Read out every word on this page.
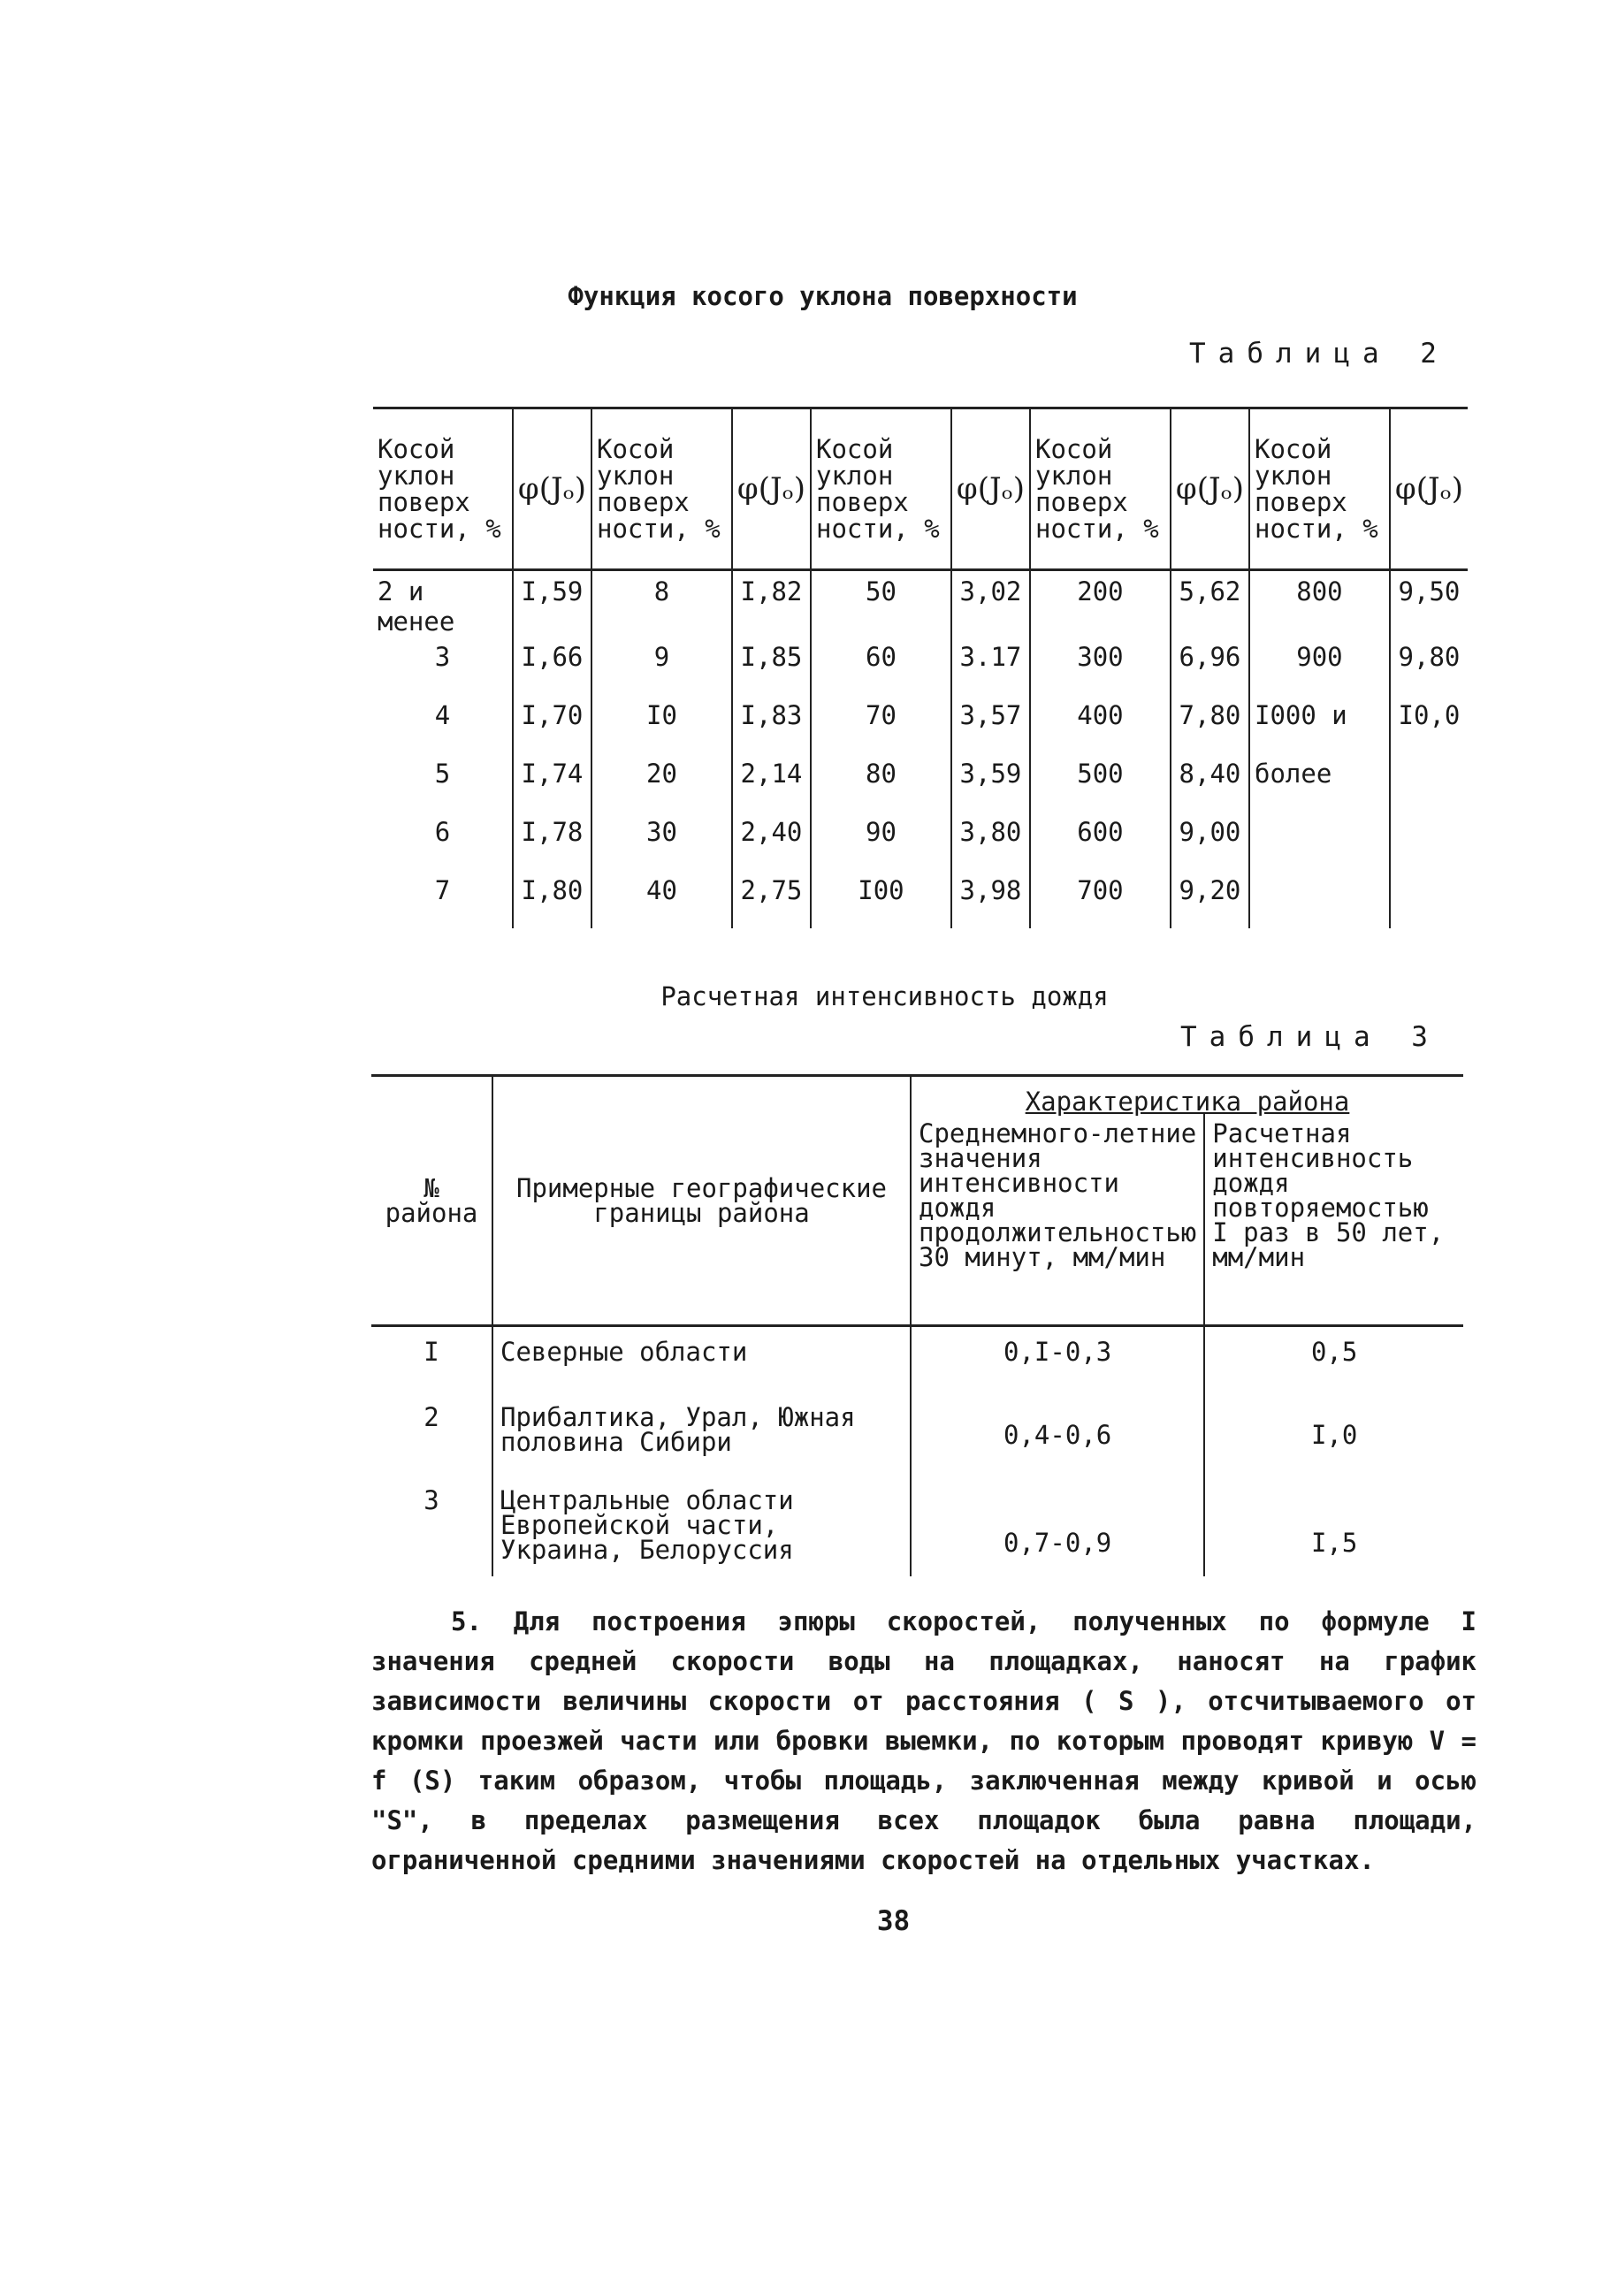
Функция косого уклона поверхности
Таблица 2
Косой уклон поверх ности, %	φ(Jₒ)	Косой уклон поверх ности, %	φ(Jₒ)	Косой уклон поверх ности, %	φ(Jₒ)	Косой уклон поверх ности, %	φ(Jₒ)	Косой уклон поверх ности, %	φ(Jₒ)
2 и менее	I,59	8	I,82	50	3,02	200	5,62	800	9,50
3	I,66	9	I,85	60	3.17	300	6,96	900	9,80
4	I,70	I0	I,83	70	3,57	400	7,80	I000 и	I0,0
5	I,74	20	2,14	80	3,59	500	8,40	более	
6	I,78	30	2,40	90	3,80	600	9,00		
7	I,80	40	2,75	I00	3,98	700	9,20		
Расчетная интенсивность дождя
Таблица 3
№ района	Примерные географические границы района	Характеристика района	
		Среднемного-летние значения интенсивности дождя продолжительностью 30 минут, мм/мин	Расчетная интенсивность дождя повторяемостью I раз в 50 лет, мм/мин
I	Северные области	0,I-0,3	0,5
2	Прибалтика, Урал, Южная половина Сибири	0,4-0,6	I,0
3	Центральные области Европейской части, Украина, Белоруссия	0,7-0,9	I,5
5. Для построения эпюры скоростей, полученных по формуле I значения средней скорости воды на площадках, наносят на график зависимости величины скорости от расстояния ( S ), отсчитываемого от кромки проезжей части или бровки выемки, по которым проводят кривую V = f (S) таким образом, чтобы площадь, заключенная между кривой и осью "S", в пределах размещения всех площадок была равна площади, ограниченной средними значениями скоростей на отдельных участках.
38
